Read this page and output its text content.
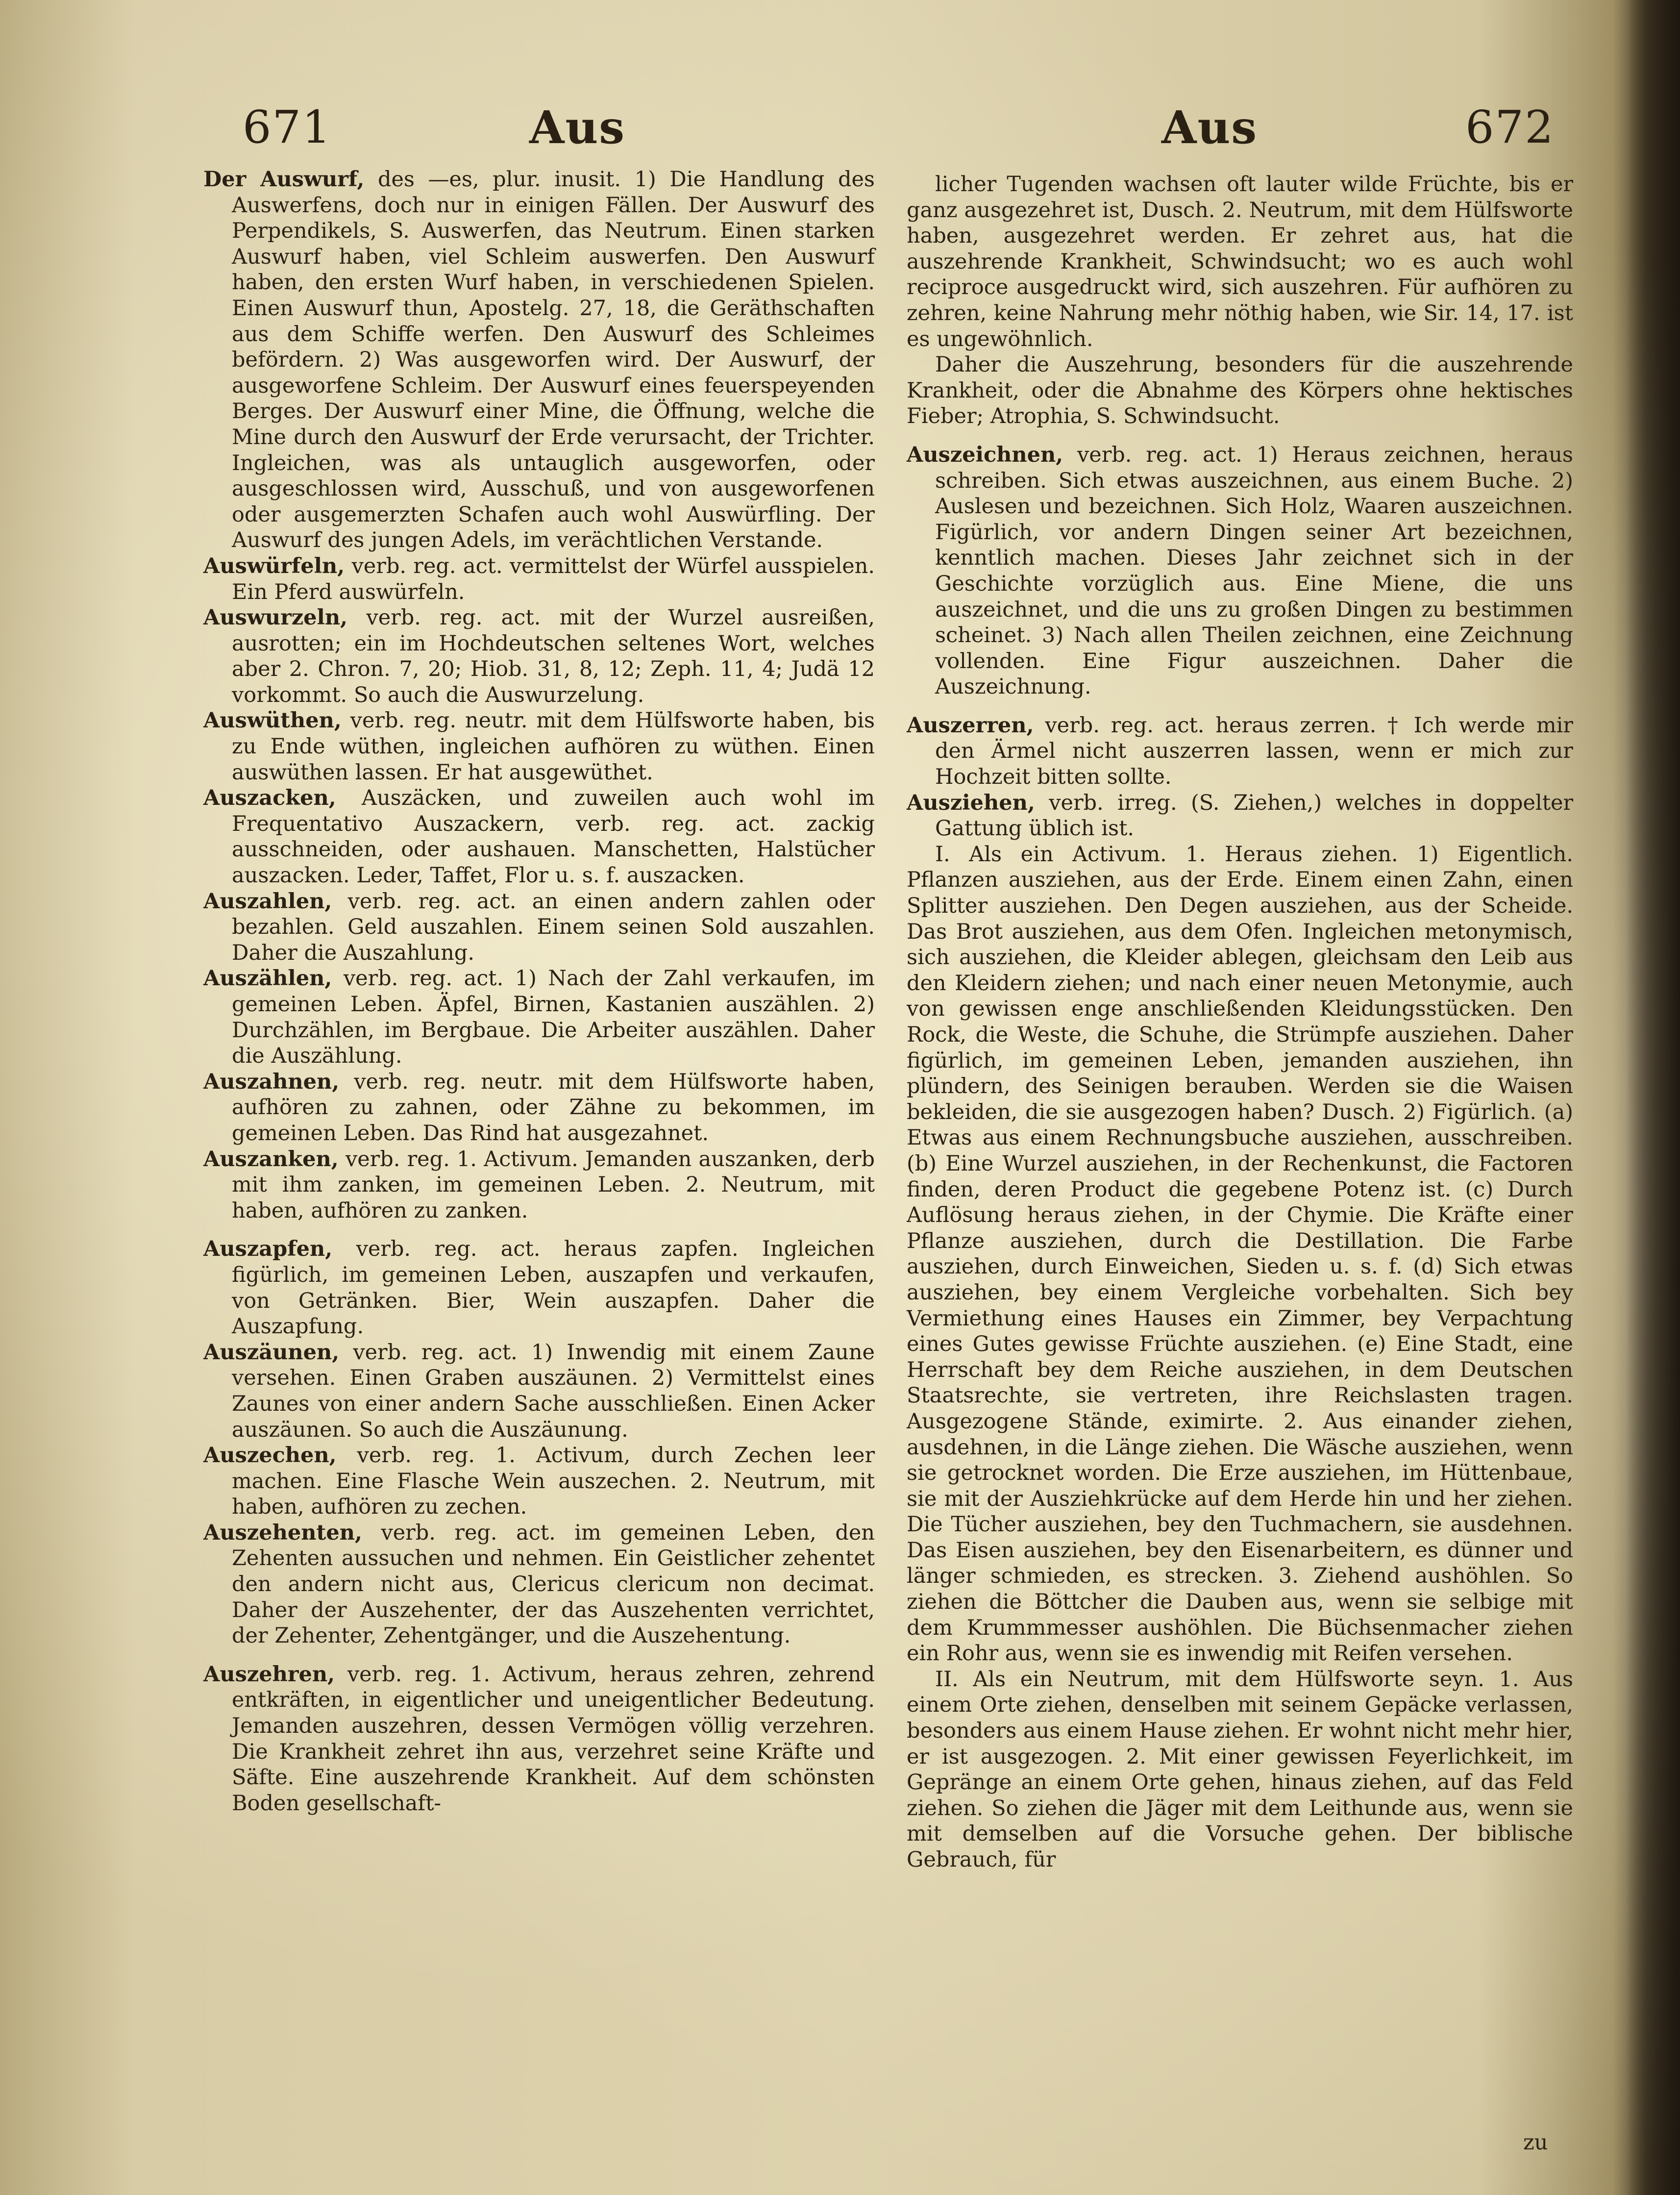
671	Aus	Aus	672

Der Auswurf, des —es, plur. inusit. 1) Die Handlung des Auswerfens, doch nur in einigen Fällen. Der Auswurf des Perpendikels, S. Auswerfen, das Neutrum. Einen starken Auswurf haben, viel Schleim auswerfen. Den Auswurf haben, den ersten Wurf haben, in verschiedenen Spielen. Einen Auswurf thun, Apostelg. 27, 18, die Geräthschaften aus dem Schiffe werfen. Den Auswurf des Schleimes befördern. 2) Was ausgeworfen wird. Der Auswurf, der ausgeworfene Schleim. Der Auswurf eines feuerspeyenden Berges. Der Auswurf einer Mine, die Öffnung, welche die Mine durch den Auswurf der Erde verursacht, der Trichter. Ingleichen, was als untauglich ausgeworfen, oder ausgeschlossen wird, Ausschuß, und von ausgeworfenen oder ausgemerzten Schafen auch wohl Auswürfling. Der Auswurf des jungen Adels, im verächtlichen Verstande.

Auswürfeln, verb. reg. act. vermittelst der Würfel ausspielen. Ein Pferd auswürfeln.

Auswurzeln, verb. reg. act. mit der Wurzel ausreißen, ausrotten; ein im Hochdeutschen seltenes Wort, welches aber 2. Chron. 7, 20; Hiob. 31, 8, 12; Zeph. 11, 4; Judä 12 vorkommt. So auch die Auswurzelung.

Auswüthen, verb. reg. neutr. mit dem Hülfsworte haben, bis zu Ende wüthen, ingleichen aufhören zu wüthen. Einen auswüthen lassen. Er hat ausgewüthet.

Auszacken, Auszäcken, und zuweilen auch wohl im Frequentativo Auszackern, verb. reg. act. zackig ausschneiden, oder aushauen. Manschetten, Halstücher auszacken. Leder, Taffet, Flor u. s. f. auszacken.

Auszahlen, verb. reg. act. an einen andern zahlen oder bezahlen. Geld auszahlen. Einem seinen Sold auszahlen. Daher die Auszahlung.

Auszählen, verb. reg. act. 1) Nach der Zahl verkaufen, im gemeinen Leben. Äpfel, Birnen, Kastanien auszählen. 2) Durchzählen, im Bergbaue. Die Arbeiter auszählen. Daher die Auszählung.

Auszahnen, verb. reg. neutr. mit dem Hülfsworte haben, aufhören zu zahnen, oder Zähne zu bekommen, im gemeinen Leben. Das Rind hat ausgezahnet.

Auszanken, verb. reg. 1. Activum. Jemanden auszanken, derb mit ihm zanken, im gemeinen Leben. 2. Neutrum, mit haben, aufhören zu zanken.

Auszapfen, verb. reg. act. heraus zapfen. Ingleichen figürlich, im gemeinen Leben, auszapfen und verkaufen, von Getränken. Bier, Wein auszapfen. Daher die Auszapfung.

Auszäunen, verb. reg. act. 1) Inwendig mit einem Zaune versehen. Einen Graben auszäunen. 2) Vermittelst eines Zaunes von einer andern Sache ausschließen. Einen Acker auszäunen. So auch die Auszäunung.

Auszechen, verb. reg. 1. Activum, durch Zechen leer machen. Eine Flasche Wein auszechen. 2. Neutrum, mit haben, aufhören zu zechen.

Auszehenten, verb. reg. act. im gemeinen Leben, den Zehenten aussuchen und nehmen. Ein Geistlicher zehentet den andern nicht aus, Clericus clericum non decimat. Daher der Auszehenter, der das Auszehenten verrichtet, der Zehenter, Zehentgänger, und die Auszehentung.

Auszehren, verb. reg. 1. Activum, heraus zehren, zehrend entkräften, in eigentlicher und uneigentlicher Bedeutung. Jemanden auszehren, dessen Vermögen völlig verzehren. Die Krankheit zehret ihn aus, verzehret seine Kräfte und Säfte. Eine auszehrende Krankheit. Auf dem schönsten Boden gesellschaft-

licher Tugenden wachsen oft lauter wilde Früchte, bis er ganz ausgezehret ist, Dusch. 2. Neutrum, mit dem Hülfsworte haben, ausgezehret werden. Er zehret aus, hat die auszehrende Krankheit, Schwindsucht; wo es auch wohl reciproce ausgedruckt wird, sich auszehren. Für aufhören zu zehren, keine Nahrung mehr nöthig haben, wie Sir. 14, 17. ist es ungewöhnlich.

Daher die Auszehrung, besonders für die auszehrende Krankheit, oder die Abnahme des Körpers ohne hektisches Fieber; Atrophia, S. Schwindsucht.

Auszeichnen, verb. reg. act. 1) Heraus zeichnen, heraus schreiben. Sich etwas auszeichnen, aus einem Buche. 2) Auslesen und bezeichnen. Sich Holz, Waaren auszeichnen. Figürlich, vor andern Dingen seiner Art bezeichnen, kenntlich machen. Dieses Jahr zeichnet sich in der Geschichte vorzüglich aus. Eine Miene, die uns auszeichnet, und die uns zu großen Dingen zu bestimmen scheinet. 3) Nach allen Theilen zeichnen, eine Zeichnung vollenden. Eine Figur auszeichnen. Daher die Auszeichnung.

Auszerren, verb. reg. act. heraus zerren. † Ich werde mir den Ärmel nicht auszerren lassen, wenn er mich zur Hochzeit bitten sollte.

Ausziehen, verb. irreg. (S. Ziehen,) welches in doppelter Gattung üblich ist.

I. Als ein Activum. 1. Heraus ziehen. 1) Eigentlich. Pflanzen ausziehen, aus der Erde. Einem einen Zahn, einen Splitter ausziehen. Den Degen ausziehen, aus der Scheide. Das Brot ausziehen, aus dem Ofen. Ingleichen metonymisch, sich ausziehen, die Kleider ablegen, gleichsam den Leib aus den Kleidern ziehen; und nach einer neuen Metonymie, auch von gewissen enge anschließenden Kleidungsstücken. Den Rock, die Weste, die Schuhe, die Strümpfe ausziehen. Daher figürlich, im gemeinen Leben, jemanden ausziehen, ihn plündern, des Seinigen berauben. Werden sie die Waisen bekleiden, die sie ausgezogen haben? Dusch. 2) Figürlich. (a) Etwas aus einem Rechnungsbuche ausziehen, ausschreiben. (b) Eine Wurzel ausziehen, in der Rechenkunst, die Factoren finden, deren Product die gegebene Potenz ist. (c) Durch Auflösung heraus ziehen, in der Chymie. Die Kräfte einer Pflanze ausziehen, durch die Destillation. Die Farbe ausziehen, durch Einweichen, Sieden u. s. f. (d) Sich etwas ausziehen, bey einem Vergleiche vorbehalten. Sich bey Vermiethung eines Hauses ein Zimmer, bey Verpachtung eines Gutes gewisse Früchte ausziehen. (e) Eine Stadt, eine Herrschaft bey dem Reiche ausziehen, in dem Deutschen Staatsrechte, sie vertreten, ihre Reichslasten tragen. Ausgezogene Stände, eximirte. 2. Aus einander ziehen, ausdehnen, in die Länge ziehen. Die Wäsche ausziehen, wenn sie getrocknet worden. Die Erze ausziehen, im Hüttenbaue, sie mit der Ausziehkrücke auf dem Herde hin und her ziehen. Die Tücher ausziehen, bey den Tuchmachern, sie ausdehnen. Das Eisen ausziehen, bey den Eisenarbeitern, es dünner und länger schmieden, es strecken. 3. Ziehend aushöhlen. So ziehen die Böttcher die Dauben aus, wenn sie selbige mit dem Krummmesser aushöhlen. Die Büchsenmacher ziehen ein Rohr aus, wenn sie es inwendig mit Reifen versehen.

II. Als ein Neutrum, mit dem Hülfsworte seyn. 1. Aus einem Orte ziehen, denselben mit seinem Gepäcke verlassen, besonders aus einem Hause ziehen. Er wohnt nicht mehr hier, er ist ausgezogen. 2. Mit einer gewissen Feyerlichkeit, im Gepränge an einem Orte gehen, hinaus ziehen, auf das Feld ziehen. So ziehen die Jäger mit dem Leithunde aus, wenn sie mit demselben auf die Vorsuche gehen. Der biblische Gebrauch, für

zu
